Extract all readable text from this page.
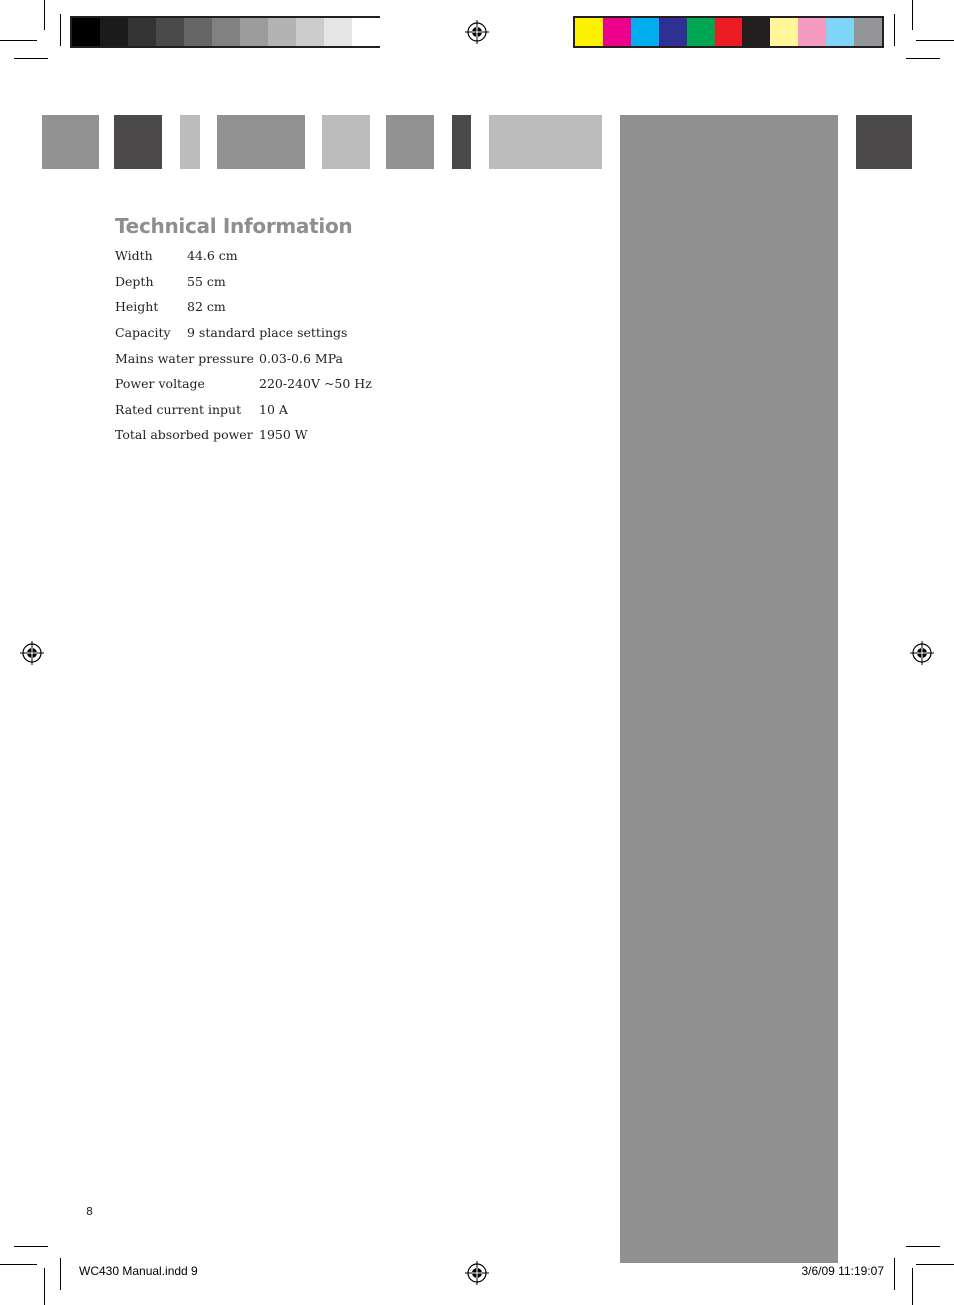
Technical Information
Width	44.6 cm
Depth	55 cm
Height 82 cm
Capacity 9 standard place settings
Mains water pressure 0.03-0.6 MPa
Power voltage	220-240V ~50 Hz
Rated current input 10 A
Total absorbed power 1950 W
8
WC430 Manual.indd 9	3/6/09 11:19:07
